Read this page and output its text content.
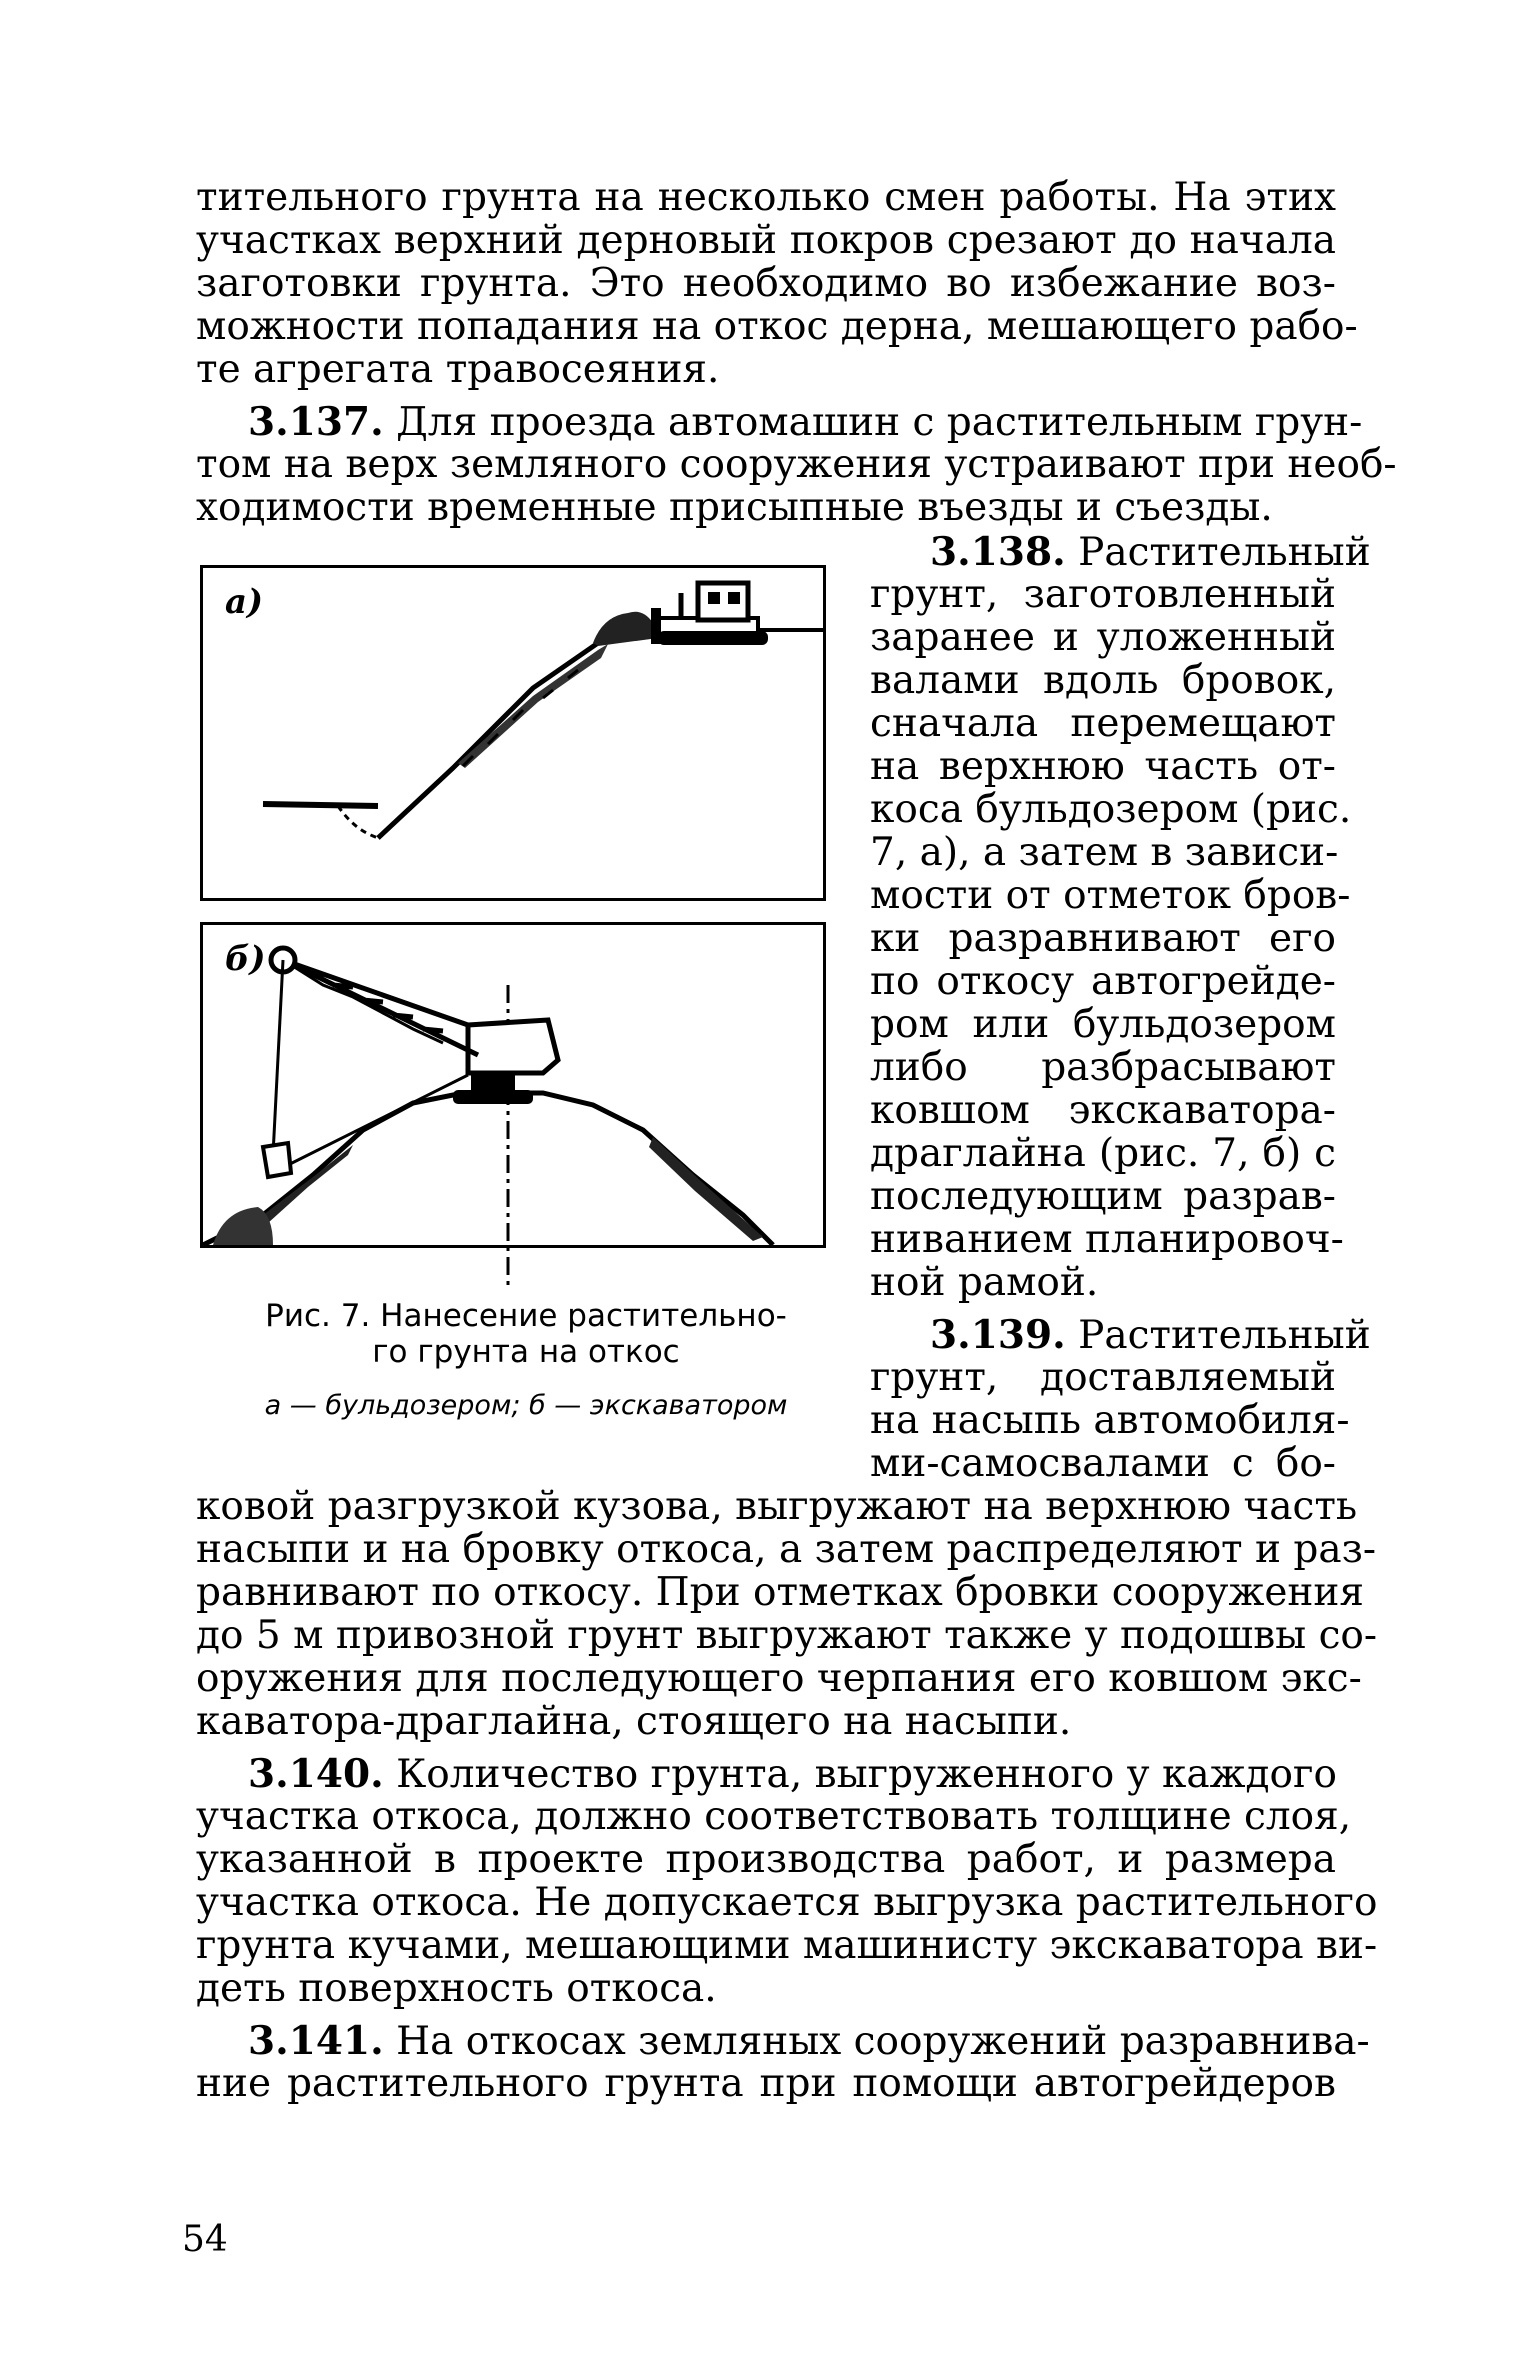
тительного грунта на несколько смен работы. На этих
участках верхний дерновый покров срезают до начала
заготовки грунта. Это необходимо во избежание воз-
можности попадания на откос дерна, мешающего рабо-
те агрегата травосеяния.
3.137. Для проезда автомашин с растительным грун-
том на верх земляного сооружения устраивают при необ-
ходимости временные присыпные въезды и съезды.
3.138. Растительный
грунт, заготовленный
заранее и уложенный
валами вдоль бровок,
сначала перемещают
на верхнюю часть от-
коса бульдозером (рис.
7, а), а затем в зависи-
мости от отметок бров-
ки разравнивают его
по откосу автогрейде-
ром или бульдозером
либо разбрасывают
ковшом экскаватора-
драглайна (рис. 7, б) с
последующим разрав-
ниванием планировоч-
ной рамой.
3.139. Растительный
грунт, доставляемый
на насыпь автомобиля-
ми-самосвалами с бо-
ковой разгрузкой кузова, выгружают на верхнюю часть
насыпи и на бровку откоса, а затем распределяют и раз-
равнивают по откосу. При отметках бровки сооружения
до 5 м привозной грунт выгружают также у подошвы со-
оружения для последующего черпания его ковшом экс-
каватора-драглайна, стоящего на насыпи.
3.140. Количество грунта, выгруженного у каждого
участка откоса, должно соответствовать толщине слоя,
указанной в проекте производства работ, и размера
участка откоса. Не допускается выгрузка растительного
грунта кучами, мешающими машинисту экскаватора ви-
деть поверхность откоса.
3.141. На откосах земляных сооружений разравнива-
ние растительного грунта при помощи автогрейдеров
а)
б)
Рис. 7. Нанесение растительно-
го грунта на откос
а — бульдозером; б — экскаватором
54
